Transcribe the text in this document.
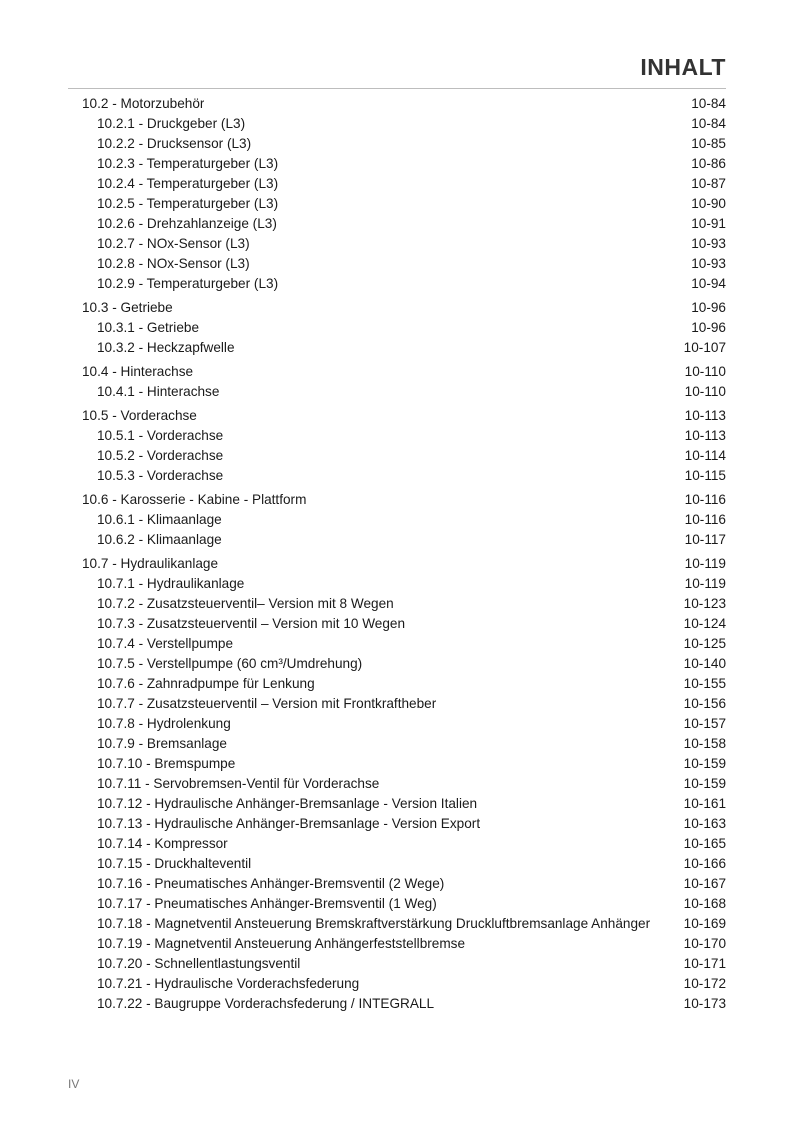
INHALT
10.2 - Motorzubehör	10-84
10.2.1 - Druckgeber (L3)	10-84
10.2.2 - Drucksensor (L3)	10-85
10.2.3 - Temperaturgeber (L3)	10-86
10.2.4 - Temperaturgeber (L3)	10-87
10.2.5 - Temperaturgeber (L3)	10-90
10.2.6 - Drehzahlanzeige (L3)	10-91
10.2.7 - NOx-Sensor (L3)	10-93
10.2.8 - NOx-Sensor (L3)	10-93
10.2.9 - Temperaturgeber (L3)	10-94
10.3 - Getriebe	10-96
10.3.1 - Getriebe	10-96
10.3.2 - Heckzapfwelle	10-107
10.4 - Hinterachse	10-110
10.4.1 - Hinterachse	10-110
10.5 - Vorderachse	10-113
10.5.1 - Vorderachse	10-113
10.5.2 - Vorderachse	10-114
10.5.3 - Vorderachse	10-115
10.6 - Karosserie - Kabine - Plattform	10-116
10.6.1 - Klimaanlage	10-116
10.6.2 - Klimaanlage	10-117
10.7 - Hydraulikanlage	10-119
10.7.1 - Hydraulikanlage	10-119
10.7.2 - Zusatzsteuerventil– Version mit 8 Wegen	10-123
10.7.3 - Zusatzsteuerventil – Version mit 10 Wegen	10-124
10.7.4 - Verstellpumpe	10-125
10.7.5 - Verstellpumpe (60 cm³/Umdrehung)	10-140
10.7.6 - Zahnradpumpe für Lenkung	10-155
10.7.7 - Zusatzsteuerventil – Version mit Frontkraftheber	10-156
10.7.8 - Hydrolenkung	10-157
10.7.9 - Bremsanlage	10-158
10.7.10 - Bremspumpe	10-159
10.7.11 - Servobremsen-Ventil für Vorderachse	10-159
10.7.12 - Hydraulische Anhänger-Bremsanlage - Version Italien	10-161
10.7.13 - Hydraulische Anhänger-Bremsanlage - Version Export	10-163
10.7.14 - Kompressor	10-165
10.7.15 - Druckhalteventil	10-166
10.7.16 - Pneumatisches Anhänger-Bremsventil (2 Wege)	10-167
10.7.17 - Pneumatisches Anhänger-Bremsventil (1 Weg)	10-168
10.7.18 - Magnetventil Ansteuerung Bremskraftverstärkung Druckluftbremsanlage Anhänger	10-169
10.7.19 - Magnetventil Ansteuerung Anhängerfeststellbremse	10-170
10.7.20 - Schnellentlastungsventil	10-171
10.7.21 - Hydraulische Vorderachsfederung	10-172
10.7.22 - Baugruppe Vorderachsfederung / INTEGRALL	10-173
IV
